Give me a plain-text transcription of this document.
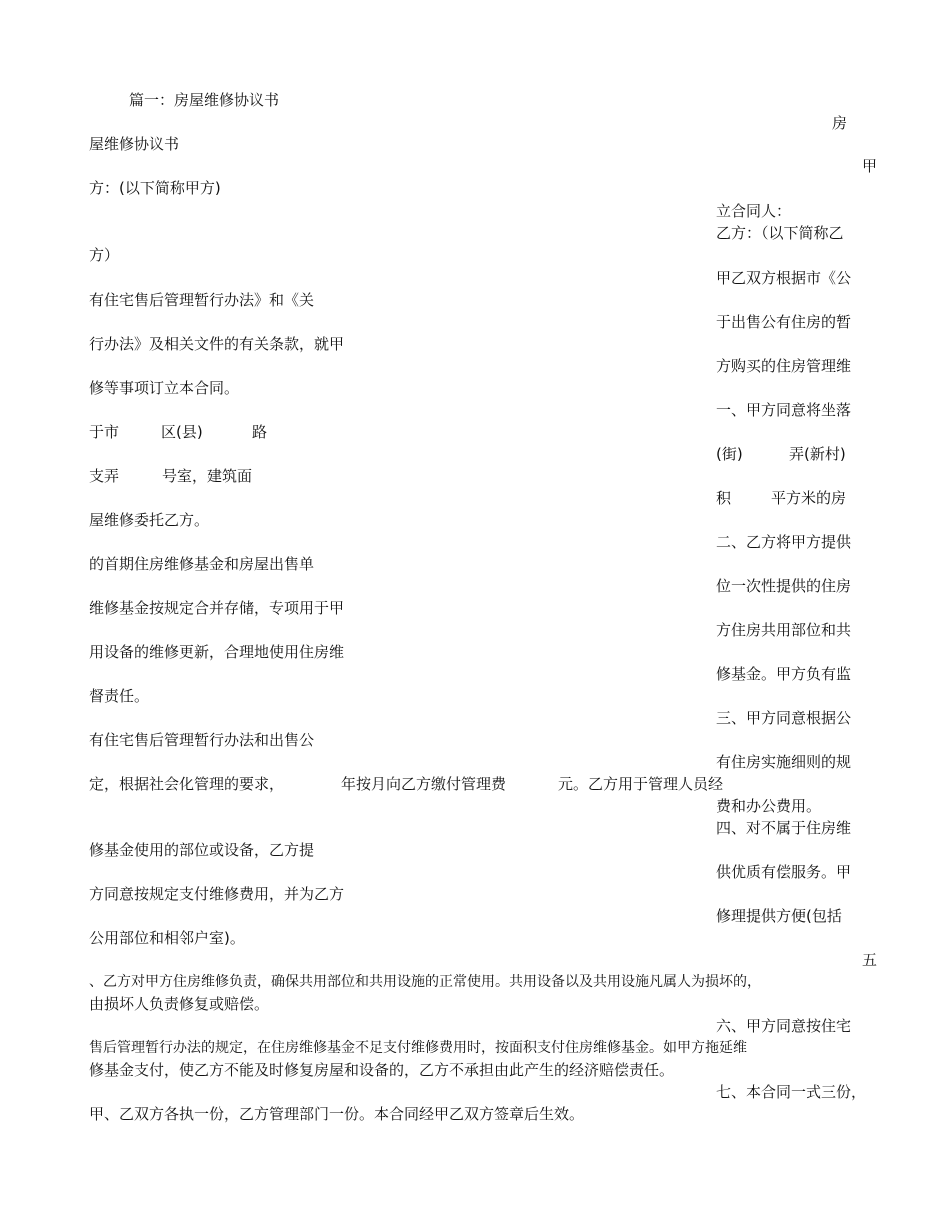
篇一：房屋维修协议书
房
屋维修协议书
甲
方：(以下简称甲方)
立合同人：
乙方：（以下简称乙
方）
甲乙双方根据市《公
有住宅售后管理暂行办法》和《关
于出售公有住房的暂
行办法》及相关文件的有关条款，就甲
方购买的住房管理维
修等事项订立本合同。
一、甲方同意将坐落
于市	区(县)	路
(街)	弄(新村)
支弄	号室，建筑面
积	平方米的房
屋维修委托乙方。
二、乙方将甲方提供
的首期住房维修基金和房屋出售单
位一次性提供的住房
维修基金按规定合并存储，专项用于甲
方住房共用部位和共
用设备的维修更新，合理地使用住房维
修基金。甲方负有监
督责任。
三、甲方同意根据公
有住宅售后管理暂行办法和出售公
有住房实施细则的规
定，根据社会化管理的要求，	年按月向乙方缴付管理费	元。乙方用于管理人员经
费和办公费用。
四、对不属于住房维
修基金使用的部位或设备，乙方提
供优质有偿服务。甲
方同意按规定支付维修费用，并为乙方
修理提供方便(包括
公用部位和相邻户室)。
五
、乙方对甲方住房维修负责，确保共用部位和共用设施的正常使用。共用设备以及共用设施凡属人为损坏的，
由损坏人负责修复或赔偿。
六、甲方同意按住宅
售后管理暂行办法的规定，在住房维修基金不足支付维修费用时，按面积支付住房维修基金。如甲方拖延维
修基金支付，使乙方不能及时修复房屋和设备的，乙方不承担由此产生的经济赔偿责任。
七、本合同一式三份，
甲、乙双方各执一份，乙方管理部门一份。本合同经甲乙双方签章后生效。
